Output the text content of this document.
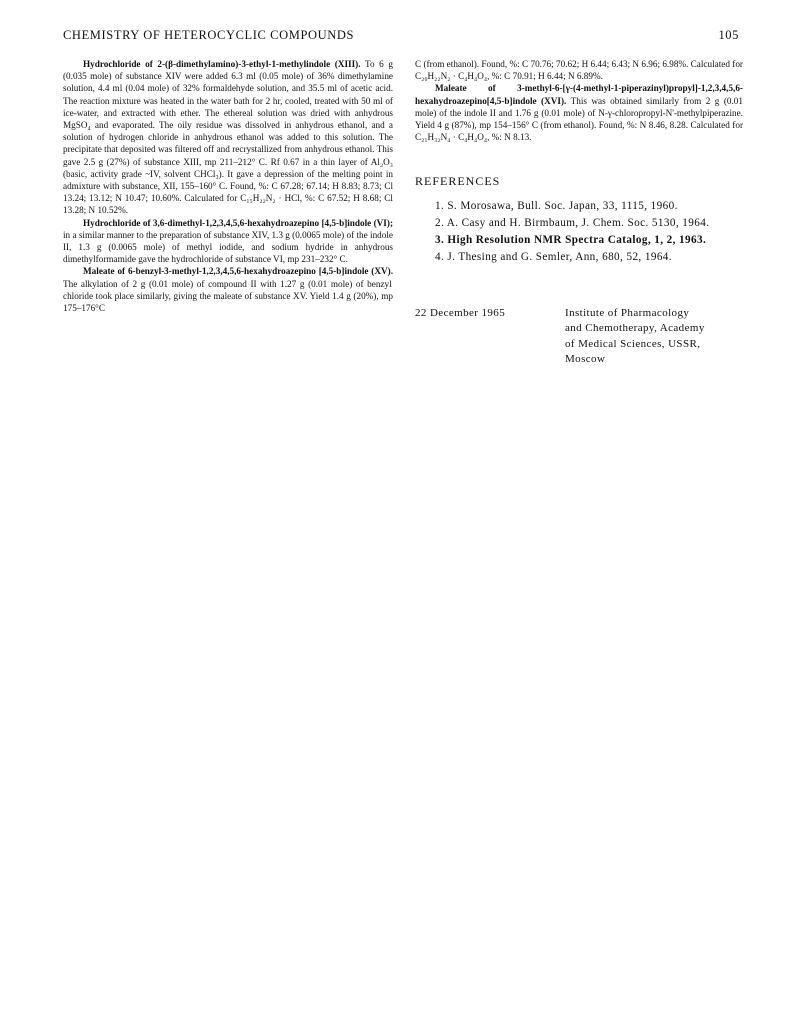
CHEMISTRY OF HETEROCYCLIC COMPOUNDS	105

Hydrochloride of 2-(β-dimethylamino)-3-ethyl-1-methylindole (XIII). To 6 g (0.035 mole) of substance XIV were added 6.3 ml (0.05 mole) of 36% dimethylamine solution, 4.4 ml (0.04 mole) of 32% formaldehyde solution, and 35.5 ml of acetic acid. The reaction mixture was heated in the water bath for 2 hr, cooled, treated with 50 ml of ice-water, and extracted with ether. The ethereal solution was dried with anhydrous MgSO₄ and evaporated. The oily residue was dissolved in anhydrous ethanol, and a solution of hydrogen chloride in anhydrous ethanol was added to this solution. The precipitate that deposited was filtered off and recrystallized from anhydrous ethanol. This gave 2.5 g (27%) of substance XIII, mp 211–212° C. Rf 0.67 in a thin layer of Al₂O₃ (basic, activity grade ~IV, solvent CHCl₃). It gave a depression of the melting point in admixture with substance, XII, 155–160° C. Found, %: C 67.28; 67.14; H 8.83; 8.73; Cl 13.24; 13.12; N 10.47; 10.60%. Calculated for C₁₅H₂₂N₂ · HCl, %: C 67.52; H 8.68; Cl 13.28; N 10.52%.

Hydrochloride of 3,6-dimethyl-1,2,3,4,5,6-hexahydroazepino [4,5-b]indole (VI); in a similar manner to the preparation of substance XIV, 1.3 g (0.0065 mole) of the indole II, 1.3 g (0.0065 mole) of methyl iodide, and sodium hydride in anhydrous dimethylformamide gave the hydrochloride of substance VI, mp 231–232° C.

Maleate of 6-benzyl-3-methyl-1,2,3,4,5,6-hexahydroazepino [4,5-b]indole (XV). The alkylation of 2 g (0.01 mole) of compound II with 1.27 g (0.01 mole) of benzyl chloride took place similarly, giving the maleate of substance XV. Yield 1.4 g (20%), mp 175–176°C

C (from ethanol). Found, %: C 70.76; 70.62; H 6.44; 6.43; N 6.96; 6.98%. Calculated for C₂₀H₂₂N₂ · C₄H₄O₄, %: C 70.91; H 6.44; N 6.89%.

Maleate of 3-methyl-6-[γ-(4-methyl-1-piperazinyl)propyl]-1,2,3,4,5,6-hexahydroazepino[4,5-b]indole (XVI). This was obtained similarly from 2 g (0.01 mole) of the indole II and 1.76 g (0.01 mole) of N-γ-chloropropyl-N'-methylpiperazine. Yield 4 g (87%), mp 154–156° C (from ethanol). Found, %: N 8.46, 8.28. Calculated for C₂₁H₃₂N₄ · C₄H₄O₄, %: N 8.13.

REFERENCES
1. S. Morosawa, Bull. Soc. Japan, 33, 1115, 1960.
2. A. Casy and H. Birmbaum, J. Chem. Soc. 5130, 1964.
3. High Resolution NMR Spectra Catalog, 1, 2, 1963.
4. J. Thesing and G. Semler, Ann, 680, 52, 1964.
22 December 1965	Institute of Pharmacology
and Chemotherapy, Academy
of Medical Sciences, USSR,
Moscow
